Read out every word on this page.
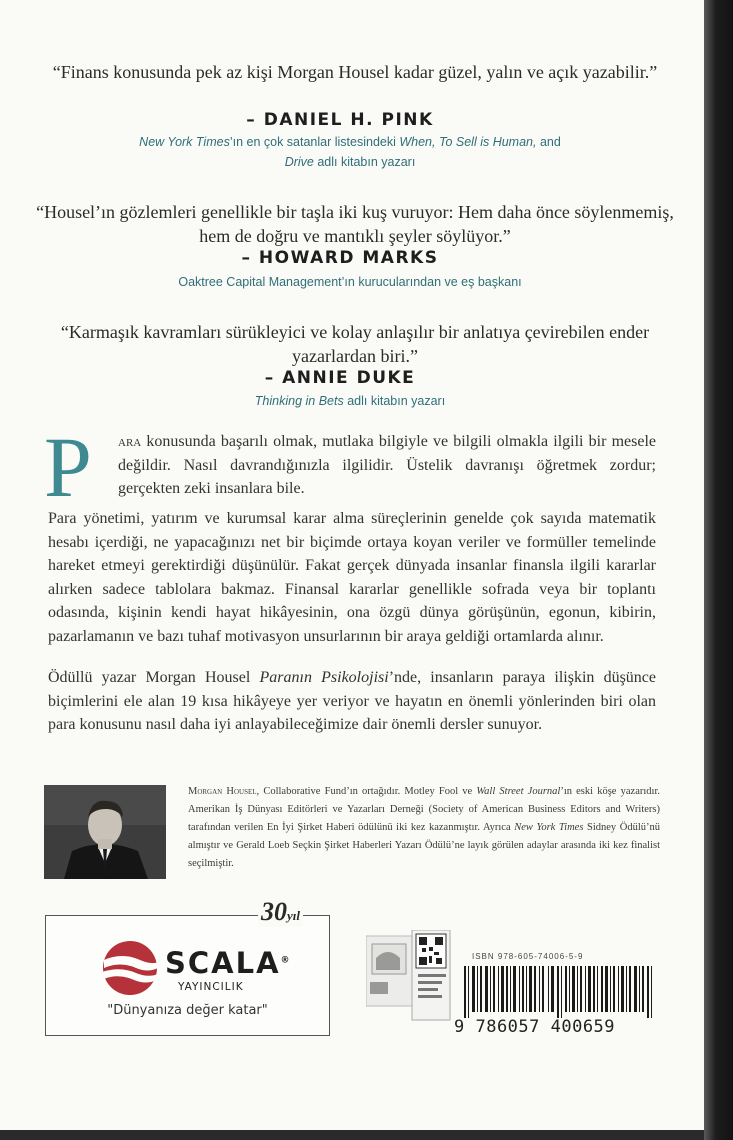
“Finans konusunda pek az kişi Morgan Housel kadar güzel, yalın ve açık yazabilir.”
– DANIEL H. PINK
New York Times’ın en çok satanlar listesindeki When, To Sell is Human, and
Drive adlı kitabın yazarı
“Housel’ın gözlemleri genellikle bir taşla iki kuş vuruyor: Hem daha önce söylenmemiş, hem de doğru ve mantıklı şeyler söylüyor.”
– HOWARD MARKS
Oaktree Capital Management’ın kurucularından ve eş başkanı
“Karmaşık kavramları sürükleyici ve kolay anlaşılır bir anlatıya çevirebilen ender yazarlardan biri.”
– ANNIE DUKE
Thinking in Bets adlı kitabın yazarı
P ara konusunda başarılı olmak, mutlaka bilgiyle ve bilgili olmakla ilgili bir mesele değildir. Nasıl davrandığınızla ilgilidir. Üstelik davranışı öğretmek zordur; gerçekten zeki insanlara bile.
Para yönetimi, yatırım ve kurumsal karar alma süreçlerinin genelde çok sayıda matematik hesabı içerdiği, ne yapacağınızı net bir biçimde ortaya koyan veriler ve formüller temelinde hareket etmeyi gerektirdiği düşünülür. Fakat gerçek dünyada insanlar finansla ilgili kararlar alırken sadece tablolara bakmaz. Finansal kararlar genellikle sofrada veya bir toplantı odasında, kişinin kendi hayat hikâyesinin, ona özgü dünya görüşünün, egonun, kibirin, pazarlamanın ve bazı tuhaf motivasyon unsurlarının bir araya geldiği ortamlarda alınır.
Ödüllü yazar Morgan Housel Paranın Psikolojisi’nde, insanların paraya ilişkin düşünce biçimlerini ele alan 19 kısa hikâyeye yer veriyor ve hayatın en önemli yönlerinden biri olan para konusunu nasıl daha iyi anlayabileceğimize dair önemli dersler sunuyor.
Morgan Housel, Collaborative Fund’ın ortağıdır. Motley Fool ve Wall Street Journal’ın eski köşe yazarıdır. Amerikan İş Dünyası Editörleri ve Yazarları Derneği (Society of American Business Editors and Writers) tarafından verilen En İyi Şirket Haberi ödülünü iki kez kazanmıştır. Ayrıca New York Times Sidney Ödülü’nü almıştır ve Gerald Loeb Seçkin Şirket Haberleri Yazarı Ödülü’ne layık görülen adaylar arasında iki kez finalist seçilmiştir.
30yıl
SCALA®
YAYINCILIK
"Dünyanıza değer katar"
ISBN 978-605-74006-5-9
9 786057 400659
